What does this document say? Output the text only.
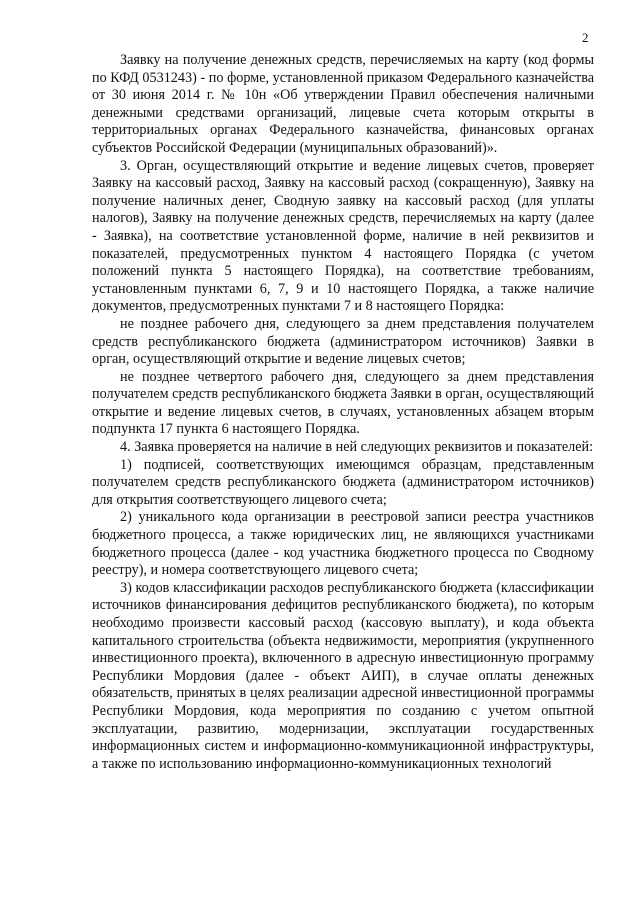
2

Заявку на получение денежных средств, перечисляемых на карту (код формы по КФД 0531243) - по форме, установленной приказом Федерального казначейства от 30 июня 2014 г. № 10н «Об утверждении Правил обеспечения наличными денежными средствами организаций, лицевые счета которым открыты в территориальных органах Федерального казначейства, финансовых органах субъектов Российской Федерации (муниципальных образований)».

3. Орган, осуществляющий открытие и ведение лицевых счетов, проверяет Заявку на кассовый расход, Заявку на кассовый расход (сокращенную), Заявку на получение наличных денег, Сводную заявку на кассовый расход (для уплаты налогов), Заявку на получение денежных средств, перечисляемых на карту (далее - Заявка), на соответствие установленной форме, наличие в ней реквизитов и показателей, предусмотренных пунктом 4 настоящего Порядка (с учетом положений пункта 5 настоящего Порядка), на соответствие требованиям, установленным пунктами 6, 7, 9 и 10 настоящего Порядка, а также наличие документов, предусмотренных пунктами 7 и 8 настоящего Порядка:

не позднее рабочего дня, следующего за днем представления получателем средств республиканского бюджета (администратором источников) Заявки в орган, осуществляющий открытие и ведение лицевых счетов;

не позднее четвертого рабочего дня, следующего за днем представления получателем средств республиканского бюджета Заявки в орган, осуществляющий открытие и ведение лицевых счетов, в случаях, установленных абзацем вторым подпункта 17 пункта 6 настоящего Порядка.

4. Заявка проверяется на наличие в ней следующих реквизитов и показателей:

1) подписей, соответствующих имеющимся образцам, представленным получателем средств республиканского бюджета (администратором источников) для открытия соответствующего лицевого счета;

2) уникального кода организации в реестровой записи реестра участников бюджетного процесса, а также юридических лиц, не являющихся участниками бюджетного процесса (далее - код участника бюджетного процесса по Сводному реестру), и номера соответствующего лицевого счета;

3) кодов классификации расходов республиканского бюджета (классификации источников финансирования дефицитов республиканского бюджета), по которым необходимо произвести кассовый расход (кассовую выплату), и кода объекта капитального строительства (объекта недвижимости, мероприятия (укрупненного инвестиционного проекта), включенного в адресную инвестиционную программу Республики Мордовия (далее - объект АИП), в случае оплаты денежных обязательств, принятых в целях реализации адресной инвестиционной программы Республики Мордовия, кода мероприятия по созданию с учетом опытной эксплуатации, развитию, модернизации, эксплуатации государственных информационных систем и информационно-коммуникационной инфраструктуры, а также по использованию информационно-коммуникационных технологий
